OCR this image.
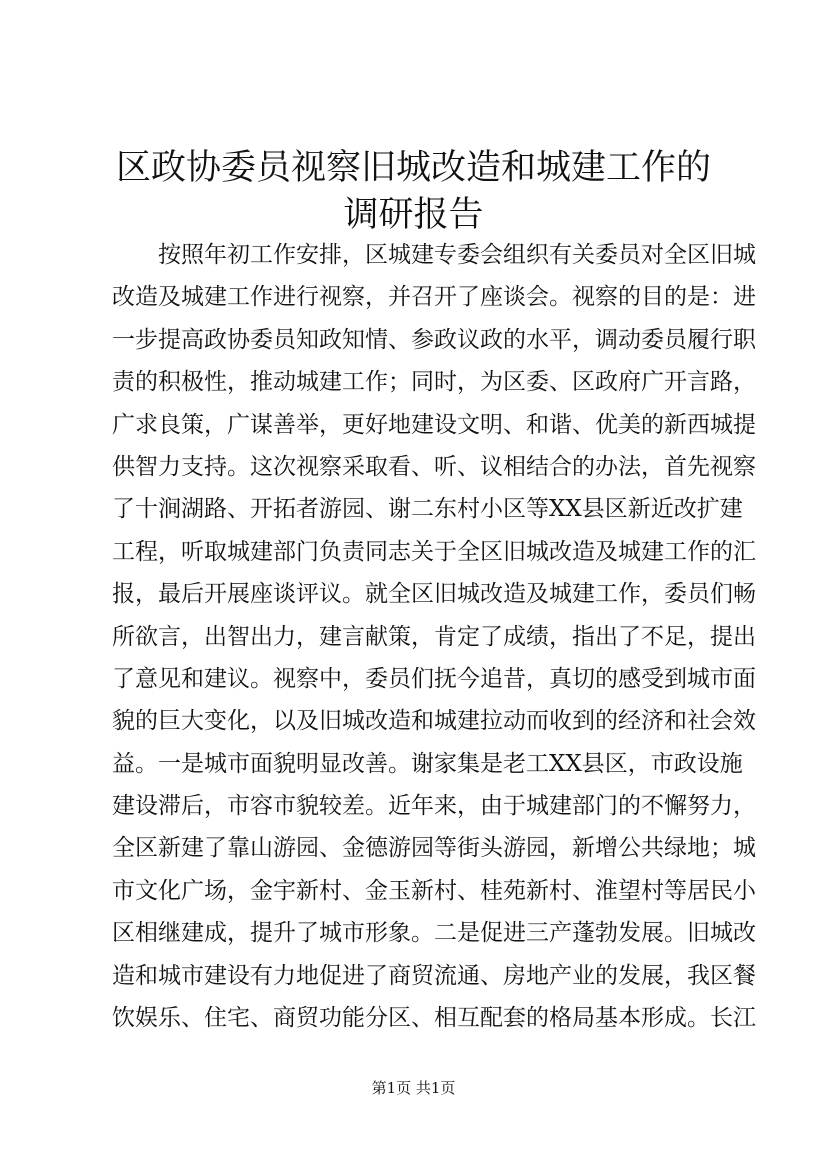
区政协委员视察旧城改造和城建工作的调研报告
　　按照年初工作安排，区城建专委会组织有关委员对全区旧城
改造及城建工作进行视察，并召开了座谈会。视察的目的是：进
一步提高政协委员知政知情、参政议政的水平，调动委员履行职
责的积极性，推动城建工作；同时，为区委、区政府广开言路，
广求良策，广谋善举，更好地建设文明、和谐、优美的新西城提
供智力支持。这次视察采取看、听、议相结合的办法，首先视察
了十涧湖路、开拓者游园、谢二东村小区等XX县区新近改扩建
工程，听取城建部门负责同志关于全区旧城改造及城建工作的汇
报，最后开展座谈评议。就全区旧城改造及城建工作，委员们畅
所欲言，出智出力，建言献策，肯定了成绩，指出了不足，提出
了意见和建议。视察中，委员们抚今追昔，真切的感受到城市面
貌的巨大变化，以及旧城改造和城建拉动而收到的经济和社会效
益。一是城市面貌明显改善。谢家集是老工XX县区，市政设施
建设滞后，市容市貌较差。近年来，由于城建部门的不懈努力，
全区新建了靠山游园、金德游园等街头游园，新增公共绿地；城
市文化广场，金宇新村、金玉新村、桂苑新村、淮望村等居民小
区相继建成，提升了城市形象。二是促进三产蓬勃发展。旧城改
造和城市建设有力地促进了商贸流通、房地产业的发展，我区餐
饮娱乐、住宅、商贸功能分区、相互配套的格局基本形成。长江
第1页 共1页
